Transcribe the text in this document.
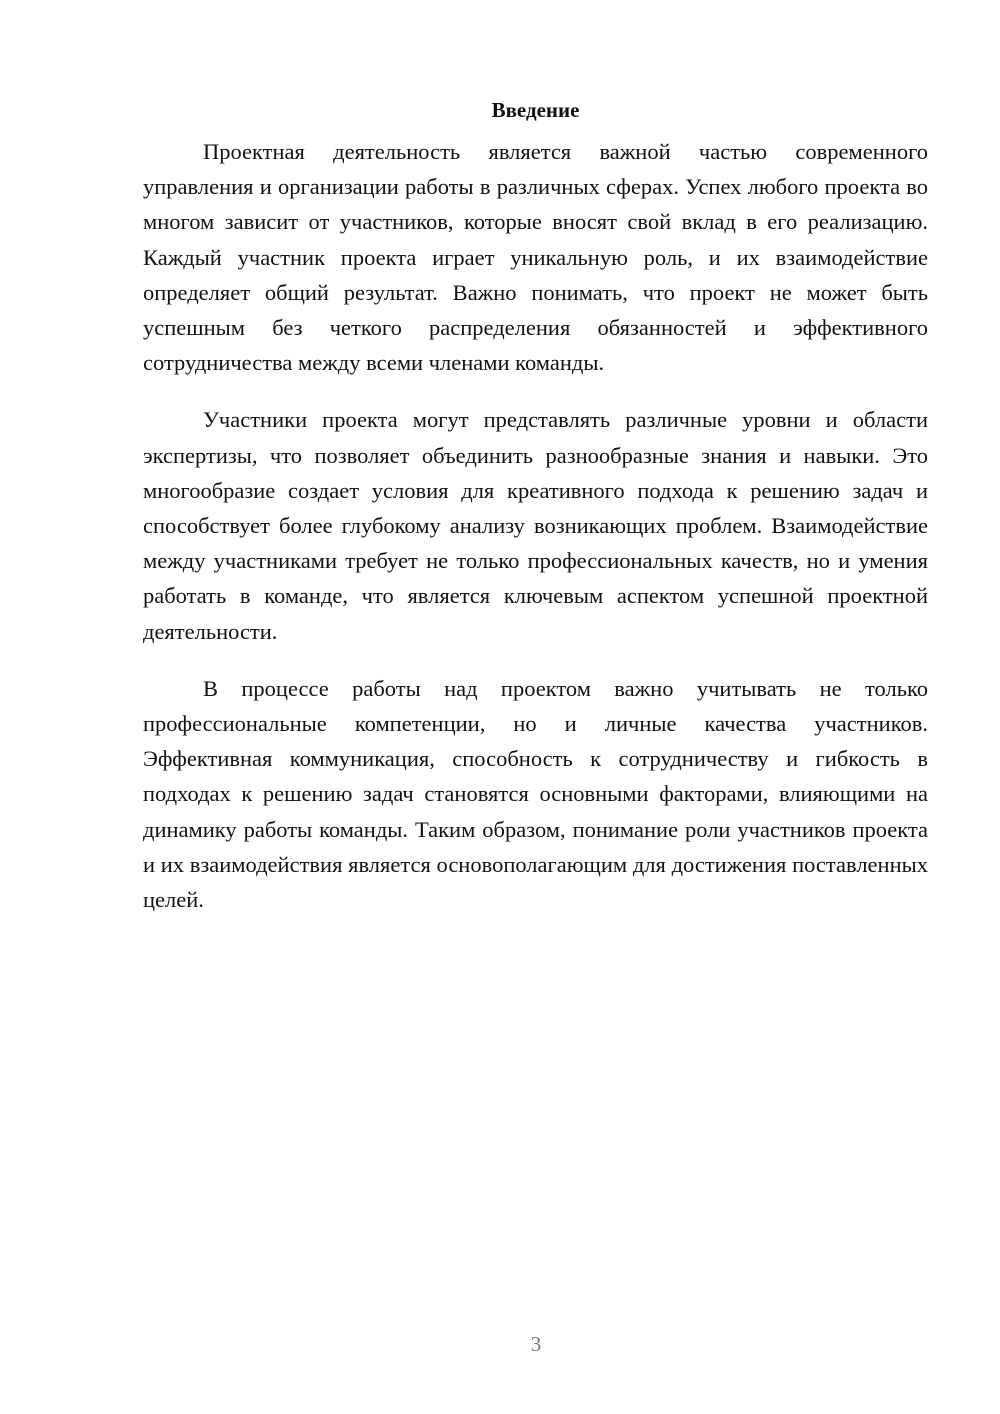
Введение

Проектная деятельность является важной частью современного управления и организации работы в различных сферах. Успех любого проекта во многом зависит от участников, которые вносят свой вклад в его реализацию. Каждый участник проекта играет уникальную роль, и их взаимодействие определяет общий результат. Важно понимать, что проект не может быть успешным без четкого распределения обязанностей и эффективного сотрудничества между всеми членами команды.

Участники проекта могут представлять различные уровни и области экспертизы, что позволяет объединить разнообразные знания и навыки. Это многообразие создает условия для креативного подхода к решению задач и способствует более глубокому анализу возникающих проблем. Взаимодействие между участниками требует не только профессиональных качеств, но и умения работать в команде, что является ключевым аспектом успешной проектной деятельности.

В процессе работы над проектом важно учитывать не только профессиональные компетенции, но и личные качества участников. Эффективная коммуникация, способность к сотрудничеству и гибкость в подходах к решению задач становятся основными факторами, влияющими на динамику работы команды. Таким образом, понимание роли участников проекта и их взаимодействия является основополагающим для достижения поставленных целей.

3
